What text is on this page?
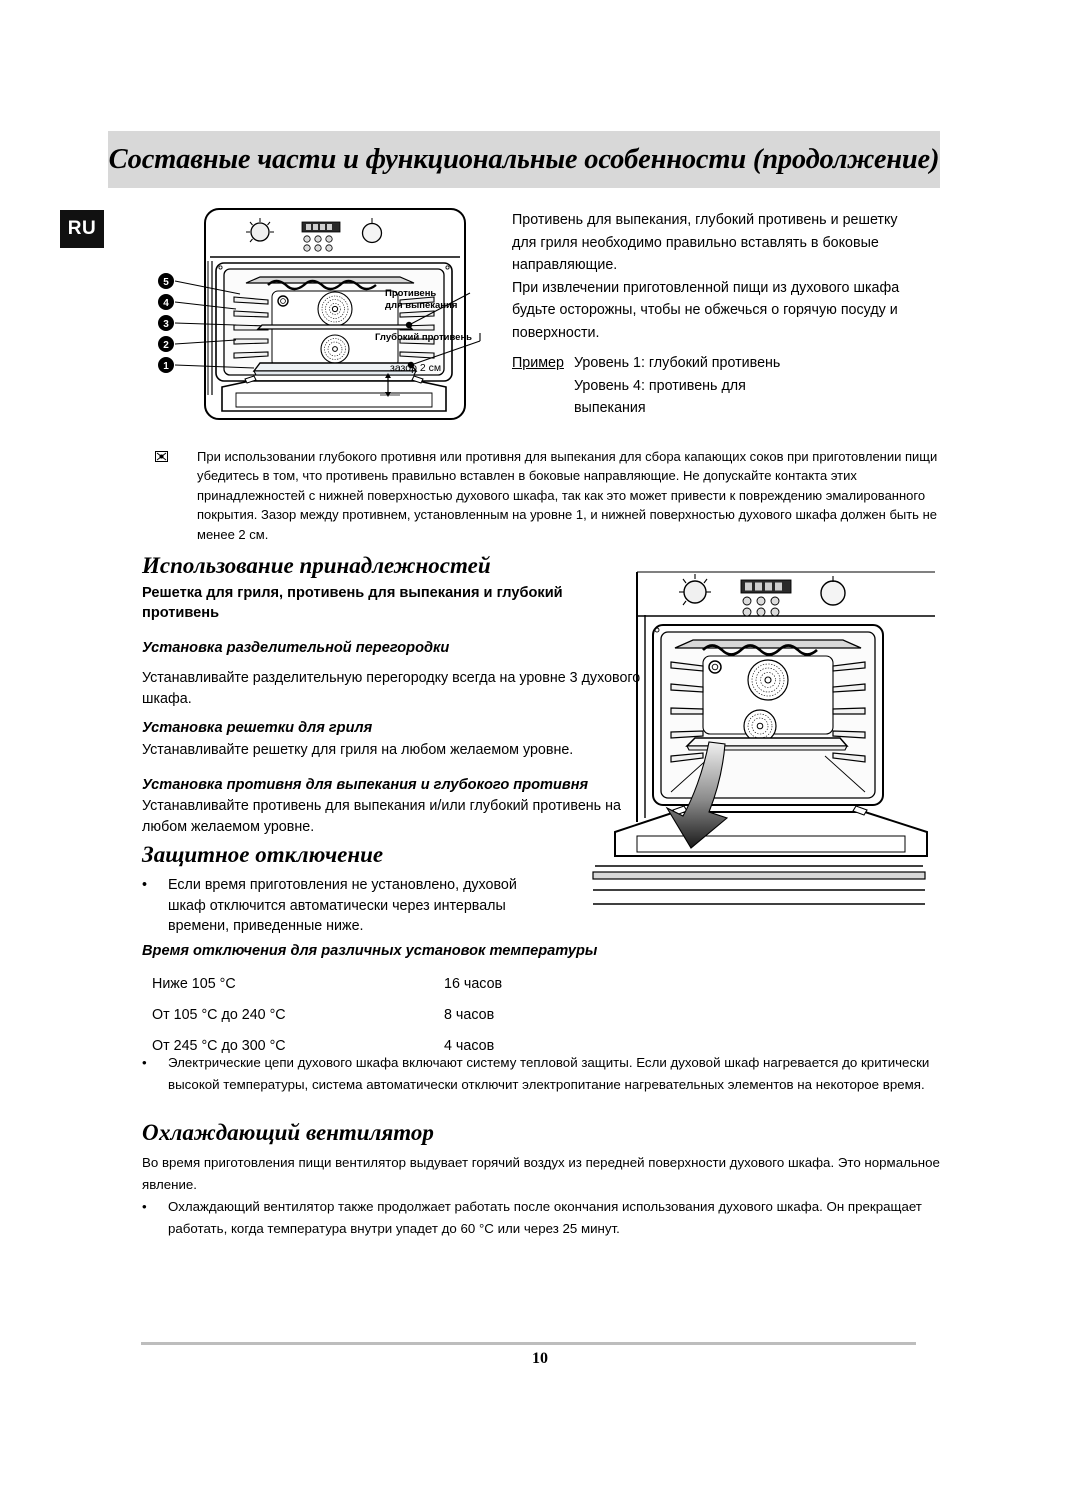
Составные части и функциональные особенности (продолжение)
RU
5
4
3
2
1
Противень
для выпекания
Глубокий противень
зазор 2 см

Противень для выпекания, глубокий противень и решетку для гриля необходимо правильно вставлять в боковые направляющие.

При извлечении приготовленной пищи из духового шкафа будьте осторожны, чтобы не обжечься о горячую посуду и поверхности.

Пример Уровень 1: глубокий противень
Уровень 4: противень для
выпекания
При использовании глубокого противня или противня для выпекания для сбора капающих соков при приготовлении пищи убедитесь в том, что противень правильно вставлен в боковые направляющие. Не допускайте контакта этих принадлежностей с нижней поверхностью духового шкафа, так как это может привести к повреждению эмалированного покрытия. Зазор между противнем, установленным на уровне 1, и нижней поверхностью духового шкафа должен быть не менее 2 см.
Использование принадлежностей
Решетка для гриля, противень для выпекания и глубокий противень
Установка разделительной перегородки
Устанавливайте разделительную перегородку всегда на уровне 3 духового шкафа.
Установка решетки для гриля
Устанавливайте решетку для гриля на любом желаемом уровне.
Установка противня для выпекания и глубокого противня
Устанавливайте противень для выпекания и/или глубокий противень на любом желаемом уровне.
Защитное отключение
•	Если время приготовления не установлено, духовой шкаф отключится автоматически через интервалы времени, приведенные ниже.
Время отключения для различных установок температуры
Ниже 105 °C	16 часов
От 105 °C до 240 °C	8 часов
От 245 °C до 300 °C	4 часов
•	Электрические цепи духового шкафа включают систему тепловой защиты. Если духовой шкаф нагревается до критически высокой температуры, система автоматически отключит электропитание нагревательных элементов на некоторое время.
Охлаждающий вентилятор
Во время приготовления пищи вентилятор выдувает горячий воздух из передней поверхности духового шкафа. Это нормальное явление.
•	Охлаждающий вентилятор также продолжает работать после окончания использования духового шкафа. Он прекращает работать, когда температура внутри упадет до 60 °C или через 25 минут.
10
